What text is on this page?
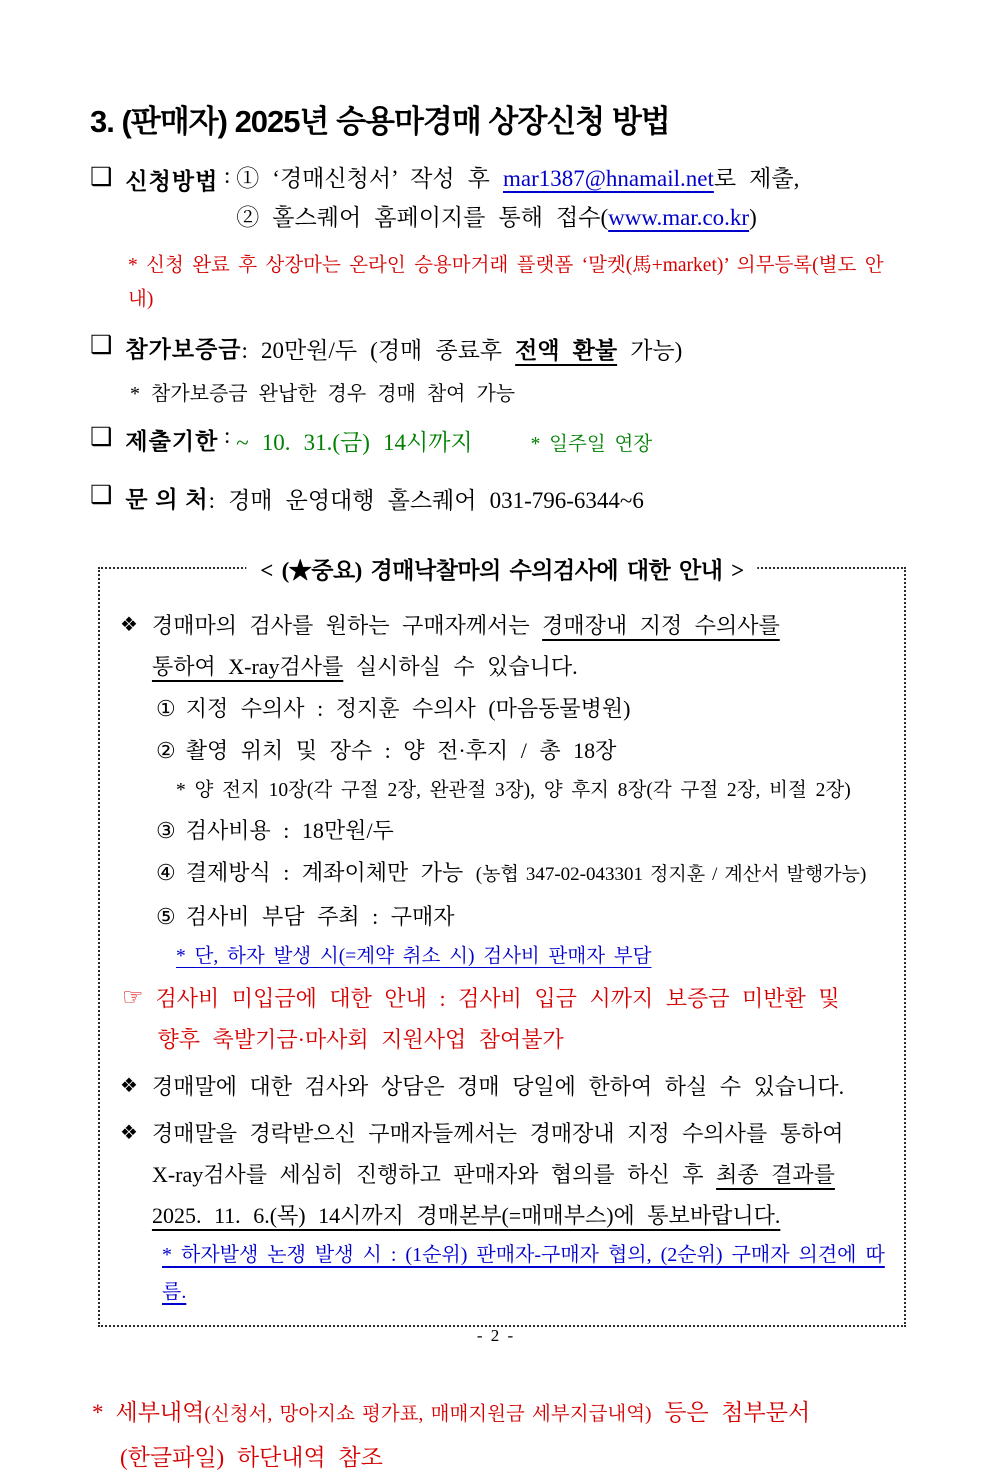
3. (판매자) 2025년 승용마경매 상장신청 방법
❑ 신청방법 : ① ‘경매신청서’ 작성 후 mar1387@hnamail.net로 제출,
② 홀스퀘어 홈페이지를 통해 접수(www.mar.co.kr)
* 신청 완료 후 상장마는 온라인 승용마거래 플랫폼 ‘말켓(馬+market)’ 의무등록(별도 안내)
❑ 참가보증금 : 20만원/두 (경매 종료후 전액 환불 가능)
* 참가보증금 완납한 경우 경매 참여 가능
❑ 제출기한 : ~ 10. 31.(금) 14시까지	* 일주일 연장
❑ 문 의 처 : 경매 운영대행 홀스퀘어 031-796-6344~6
< (★중요) 경매낙찰마의 수의검사에 대한 안내 >
❖ 경매마의 검사를 원하는 구매자께서는 경매장내 지정 수의사를
통하여 X-ray검사를 실시하실 수 있습니다.
① 지정 수의사 : 정지훈 수의사 (마음동물병원)
② 촬영 위치 및 장수 : 양 전·후지 / 총 18장
* 양 전지 10장(각 구절 2장, 완관절 3장), 양 후지 8장(각 구절 2장, 비절 2장)
③ 검사비용 : 18만원/두
④ 결제방식 : 계좌이체만 가능 (농협 347-02-043301 정지훈 / 계산서 발행가능)
⑤ 검사비 부담 주최 : 구매자
* 단, 하자 발생 시(=계약 취소 시) 검사비 판매자 부담
☞ 검사비 미입금에 대한 안내 : 검사비 입금 시까지 보증금 미반환 및
향후 축발기금·마사회 지원사업 참여불가
❖ 경매말에 대한 검사와 상담은 경매 당일에 한하여 하실 수 있습니다.
❖ 경매말을 경락받으신 구매자들께서는 경매장내 지정 수의사를 통하여
X-ray검사를 세심히 진행하고 판매자와 협의를 하신 후 최종 결과를
2025. 11. 6.(목) 14시까지 경매본부(=매매부스)에 통보바랍니다.
* 하자발생 논쟁 발생 시 : (1순위) 판매자-구매자 협의, (2순위) 구매자 의견에 따름.
* 세부내역(신청서, 망아지쇼 평가표, 매매지원금 세부지급내역) 등은 첨부문서
(한글파일) 하단내역 참조
- 2 -
